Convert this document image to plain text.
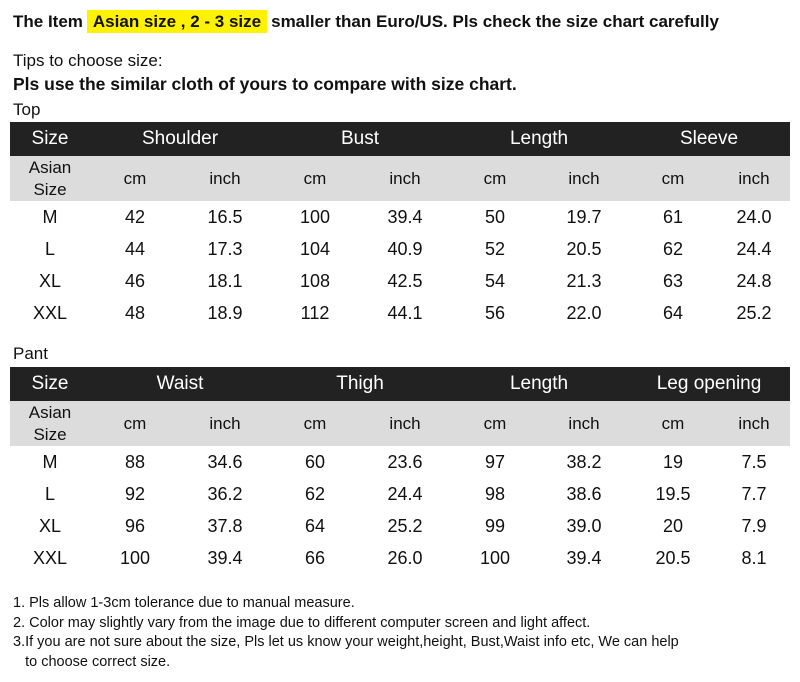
The Item Asian size , 2 - 3 size smaller than Euro/US. Pls check the size chart carefully
Tips to choose size:
Pls use the similar cloth of yours to compare with size chart.
Top
Size	Shoulder		Bust		Length		Sleeve	
Asian Size	cm	inch	cm	inch	cm	inch	cm	inch
M	42	16.5	100	39.4	50	19.7	61	24.0
L	44	17.3	104	40.9	52	20.5	62	24.4
XL	46	18.1	108	42.5	54	21.3	63	24.8
XXL	48	18.9	112	44.1	56	22.0	64	25.2
Pant
Size	Waist		Thigh		Length		Leg opening	
Asian Size	cm	inch	cm	inch	cm	inch	cm	inch
M	88	34.6	60	23.6	97	38.2	19	7.5
L	92	36.2	62	24.4	98	38.6	19.5	7.7
XL	96	37.8	64	25.2	99	39.0	20	7.9
XXL	100	39.4	66	26.0	100	39.4	20.5	8.1
1. Pls allow 1-3cm tolerance due to manual measure.
2. Color may slightly vary from the image due to different computer screen and light affect.
3.If you are not sure about the size, Pls let us know your weight,height, Bust,Waist info etc, We can help
to choose correct size.
